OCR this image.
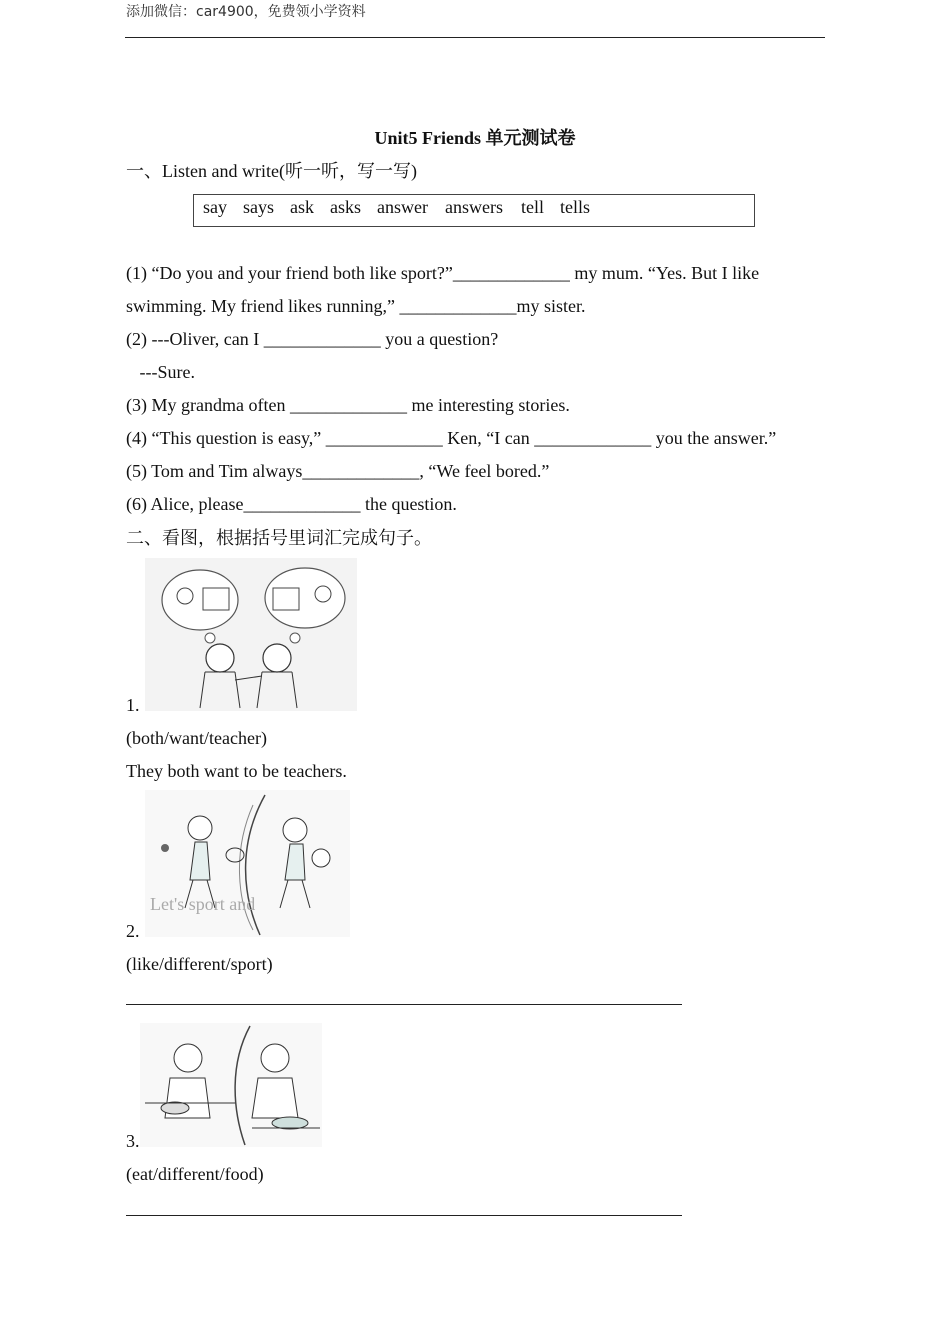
添加微信：car4900，免费领小学资料
Unit5 Friends 单元测试卷
一、Listen and write(听一听，写一写)
say says ask asks answer answers tell tells
(1) “Do you and your friend both like sport?”_____________ my mum. “Yes. But I like
swimming. My friend likes running,” _____________my sister.
(2) ---Oliver, can I _____________ you a question?
---Sure.
(3) My grandma often _____________ me interesting stories.
(4) “This question is easy,” _____________ Ken, “I can _____________ you the answer.”
(5) Tom and Tim always_____________, “We feel bored.”
(6) Alice, please_____________ the question.
二、看图，根据括号里词汇完成句子。
1.
(both/want/teacher)
They both want to be teachers.
Let's sport and
2.
(like/different/sport)
3.
(eat/different/food)
